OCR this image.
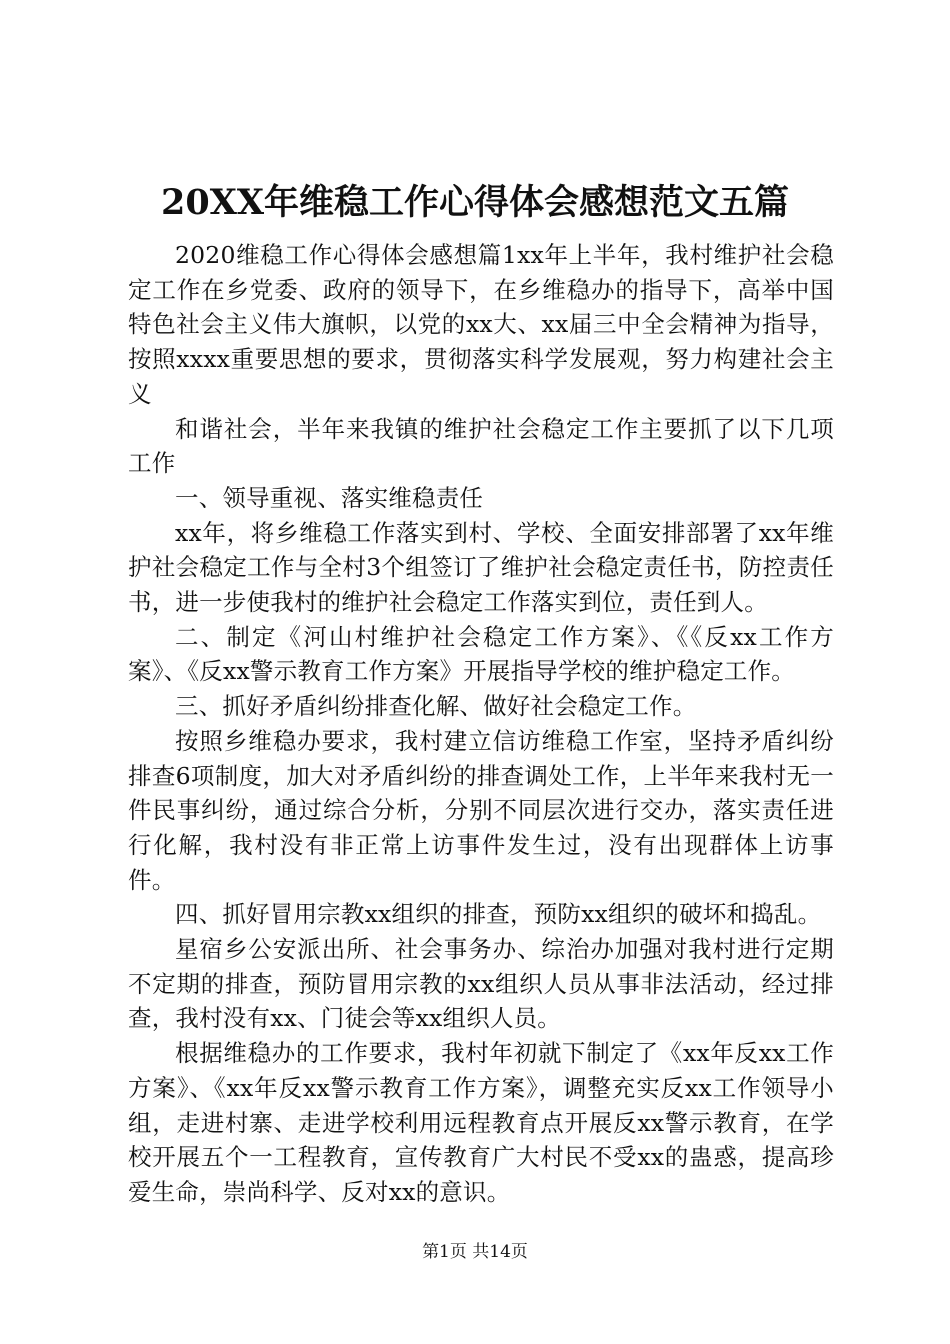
20XX年维稳工作心得体会感想范文五篇

2020维稳工作心得体会感想篇1xx年上半年，我村维护社会稳定工作在乡党委、政府的领导下，在乡维稳办的指导下，高举中国特色社会主义伟大旗帜，以党的xx大、xx届三中全会精神为指导，按照xxxx重要思想的要求，贯彻落实科学发展观，努力构建社会主义

和谐社会，半年来我镇的维护社会稳定工作主要抓了以下几项工作

一、领导重视、落实维稳责任

xx年，将乡维稳工作落实到村、学校、全面安排部署了xx年维护社会稳定工作与全村3个组签订了维护社会稳定责任书，防控责任书，进一步使我村的维护社会稳定工作落实到位，责任到人。

二、制定《河山村维护社会稳定工作方案》、《《反xx工作方案》、《反xx警示教育工作方案》开展指导学校的维护稳定工作。

三、抓好矛盾纠纷排查化解、做好社会稳定工作。

按照乡维稳办要求，我村建立信访维稳工作室，坚持矛盾纠纷排查6项制度，加大对矛盾纠纷的排查调处工作，上半年来我村无一件民事纠纷，通过综合分析，分别不同层次进行交办，落实责任进行化解，我村没有非正常上访事件发生过，没有出现群体上访事件。

四、抓好冒用宗教xx组织的排查，预防xx组织的破坏和捣乱。

星宿乡公安派出所、社会事务办、综治办加强对我村进行定期不定期的排查，预防冒用宗教的xx组织人员从事非法活动，经过排查，我村没有xx、门徒会等xx组织人员。

根据维稳办的工作要求，我村年初就下制定了《xx年反xx工作方案》、《xx年反xx警示教育工作方案》，调整充实反xx工作领导小组，走进村寨、走进学校利用远程教育点开展反xx警示教育，在学校开展五个一工程教育，宣传教育广大村民不受xx的蛊惑，提高珍爱生命，崇尚科学、反对xx的意识。

第1页 共14页
